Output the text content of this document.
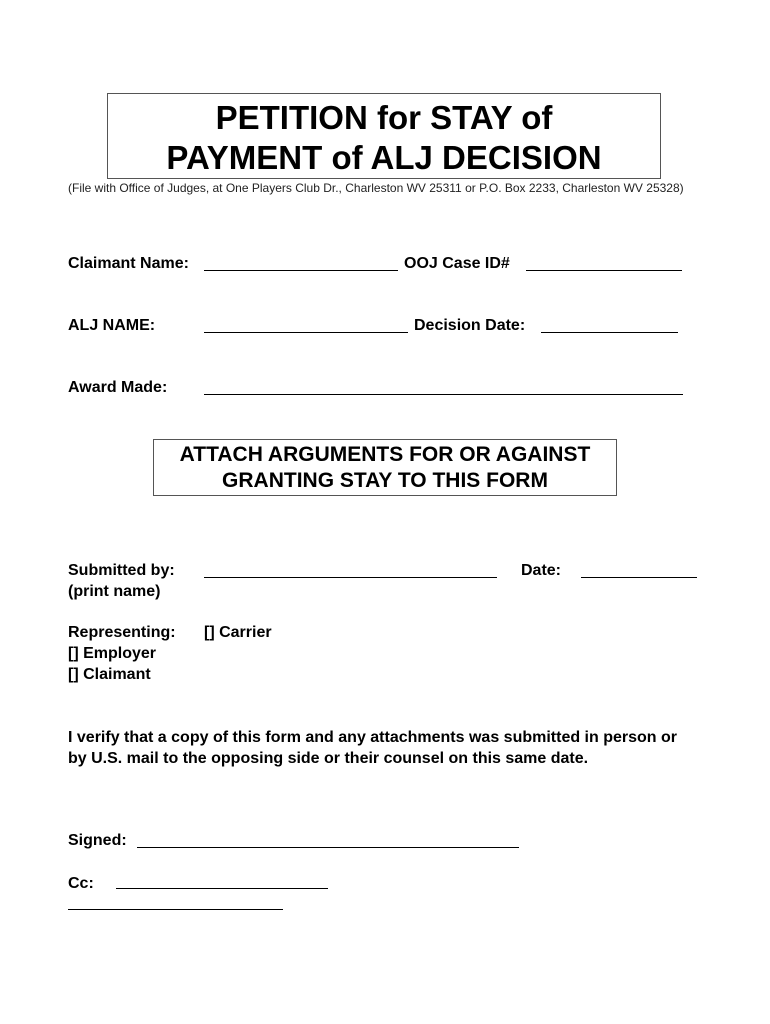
PETITION for STAY of
PAYMENT of ALJ DECISION
(File with Office of Judges, at One Players Club Dr., Charleston WV 25311 or P.O. Box 2233, Charleston WV 25328)
Claimant Name:	OOJ Case ID#
ALJ NAME:	Decision Date:
Award Made:
ATTACH ARGUMENTS FOR OR AGAINST
GRANTING STAY TO THIS FORM
Submitted by:	Date:
(print name)
Representing: [] Carrier
[] Employer
[] Claimant
I verify that a copy of this form and any attachments was submitted in person or by U.S. mail to the opposing side or their counsel on this same date.
Signed:
Cc:
